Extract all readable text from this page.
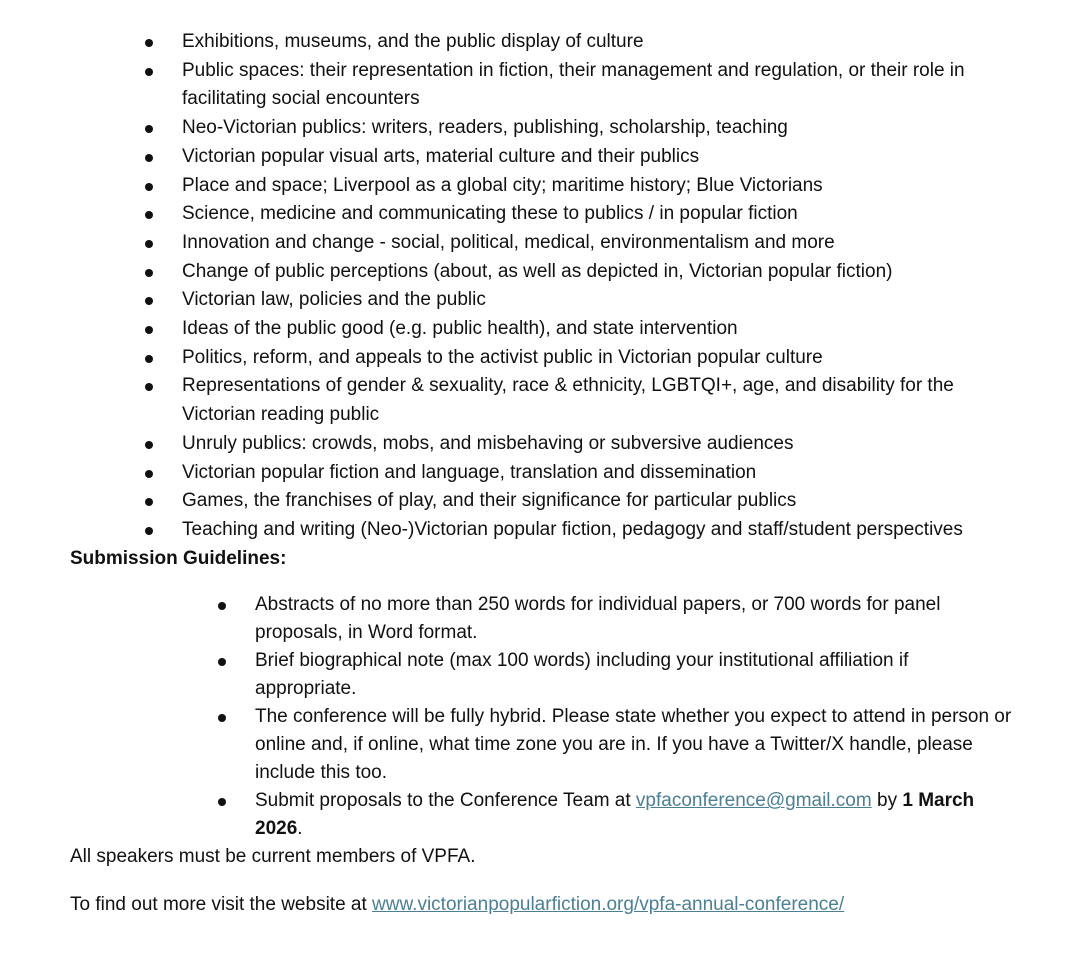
Exhibitions, museums, and the public display of culture
Public spaces: their representation in fiction, their management and regulation, or their role in facilitating social encounters
Neo-Victorian publics: writers, readers, publishing, scholarship, teaching
Victorian popular visual arts, material culture and their publics
Place and space; Liverpool as a global city; maritime history; Blue Victorians
Science, medicine and communicating these to publics / in popular fiction
Innovation and change - social, political, medical, environmentalism and more
Change of public perceptions (about, as well as depicted in, Victorian popular fiction)
Victorian law, policies and the public
Ideas of the public good (e.g. public health), and state intervention
Politics, reform, and appeals to the activist public in Victorian popular culture
Representations of gender & sexuality, race & ethnicity, LGBTQI+, age, and disability for the Victorian reading public
Unruly publics: crowds, mobs, and misbehaving or subversive audiences
Victorian popular fiction and language, translation and dissemination
Games, the franchises of play, and their significance for particular publics
Teaching and writing (Neo-)Victorian popular fiction, pedagogy and staff/student perspectives
Submission Guidelines:
Abstracts of no more than 250 words for individual papers, or 700 words for panel proposals, in Word format.
Brief biographical note (max 100 words) including your institutional affiliation if appropriate.
The conference will be fully hybrid. Please state whether you expect to attend in person or online and, if online, what time zone you are in. If you have a Twitter/X handle, please include this too.
Submit proposals to the Conference Team at vpfaconference@gmail.com by 1 March 2026.
All speakers must be current members of VPFA.
To find out more visit the website at www.victorianpopularfiction.org/vpfa-annual-conference/
